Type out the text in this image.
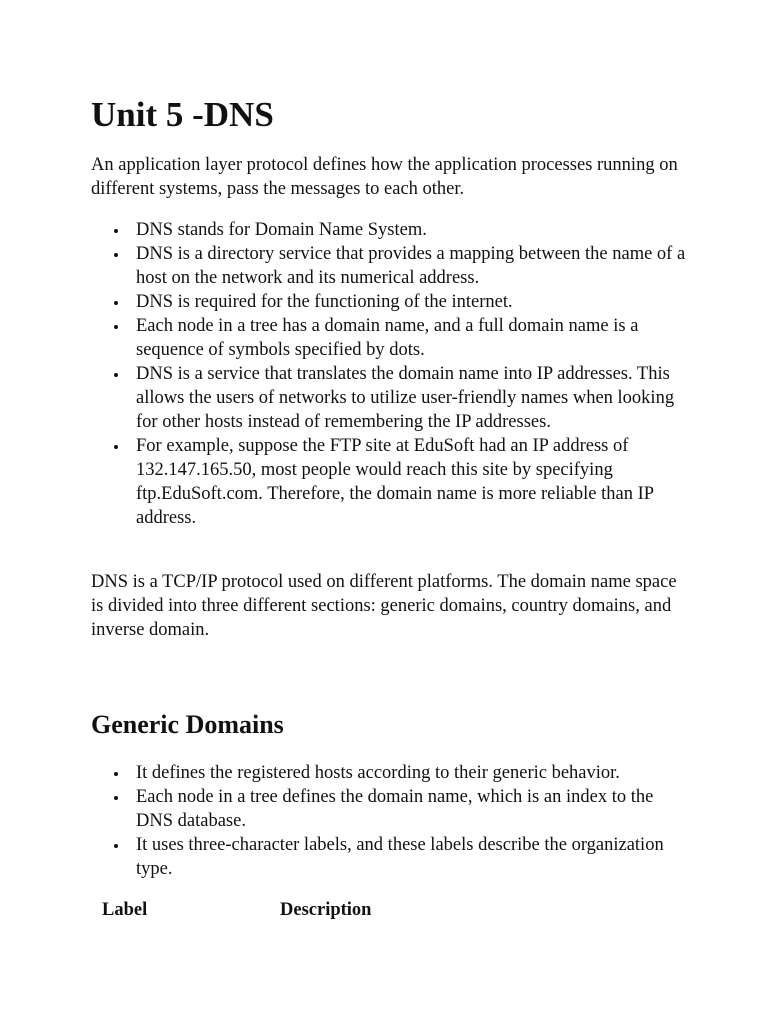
Unit 5 -DNS

An application layer protocol defines how the application processes running on different systems, pass the messages to each other.

DNS stands for Domain Name System.
DNS is a directory service that provides a mapping between the name of a host on the network and its numerical address.
DNS is required for the functioning of the internet.
Each node in a tree has a domain name, and a full domain name is a sequence of symbols specified by dots.
DNS is a service that translates the domain name into IP addresses. This allows the users of networks to utilize user-friendly names when looking for other hosts instead of remembering the IP addresses.
For example, suppose the FTP site at EduSoft had an IP address of 132.147.165.50, most people would reach this site by specifying ftp.EduSoft.com. Therefore, the domain name is more reliable than IP address.

DNS is a TCP/IP protocol used on different platforms. The domain name space is divided into three different sections: generic domains, country domains, and inverse domain.

Generic Domains
It defines the registered hosts according to their generic behavior.
Each node in a tree defines the domain name, which is an index to the DNS database.
It uses three-character labels, and these labels describe the organization type.
Label	Description
